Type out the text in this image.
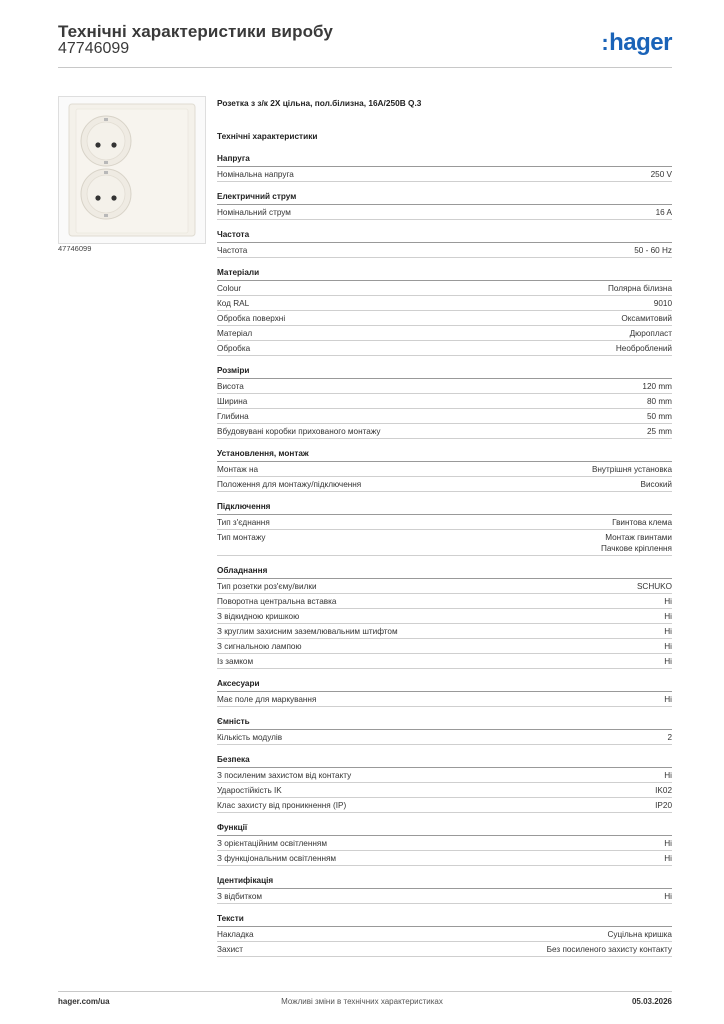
Технічні характеристики виробу
47746099	:hager
47746099
Розетка з з/к 2X цільна, пол.білизна, 16A/250B Q.3
Технічні характеристики
Напруга
Номінальна напруга	250 V
Електричний струм
Номінальний струм	16 A
Частота
Частота	50 - 60 Hz
Матеріали
Colour	Полярна білизна
Код RAL	9010
Обробка поверхні	Оксамитовий
Матеріал	Дюропласт
Обробка	Необроблений
Розміри
Висота	120 mm
Ширина	80 mm
Глибина	50 mm
Вбудовувані коробки прихованого монтажу	25 mm
Установлення, монтаж
Монтаж на	Внутрішня установка
Положення для монтажу/підключення	Високий
Підключення
Тип з'єднання	Гвинтова клема
Тип монтажу	Монтаж гвинтами
Пачкове кріплення
Обладнання
Тип розетки роз'єму/вилки	SCHUKO
Поворотна центральна вставка	Ні
З відкидною кришкою	Ні
З круглим захисним заземлювальним штифтом	Ні
З сигнальною лампою	Ні
Із замком	Ні
Аксесуари
Має поле для маркування	Ні
Ємність
Кількість модулів	2
Безпека
З посиленим захистом від контакту	Ні
Ударостійкість IK	IK02
Клас захисту від проникнення (IP)	IP20
Функції
З орієнтаційним освітленням	Ні
З функціональним освітленням	Ні
Ідентифікація
З відбитком	Ні
Тексти
Накладка	Суцільна кришка
Захист	Без посиленого захисту контакту
hager.com/ua	Можливі зміни в технічних характеристиках	05.03.2026
